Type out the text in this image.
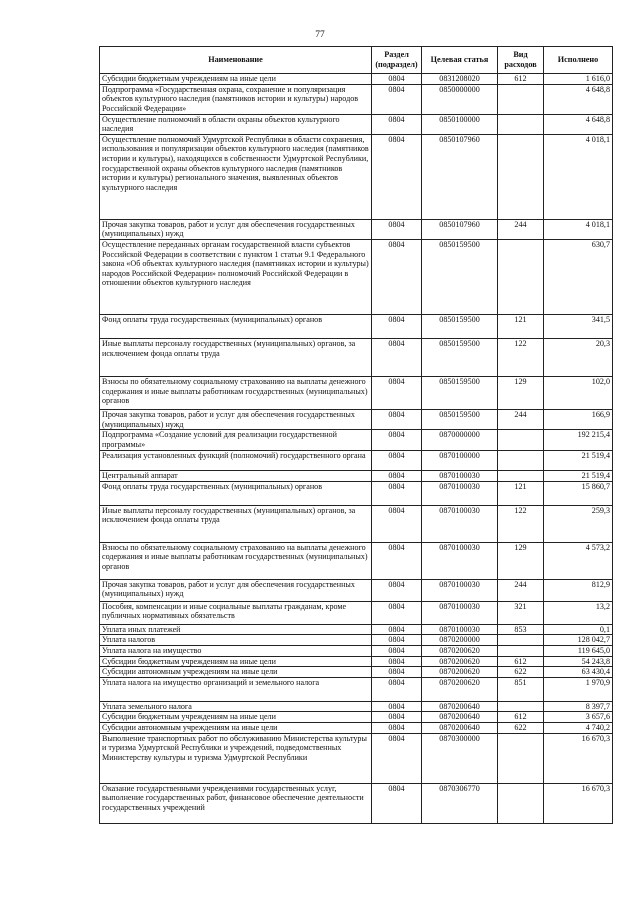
77
Наименование	Раздел (подраздел)	Целевая статья	Вид расходов	Исполнено
Субсидии бюджетным учреждениям на иные цели	0804	0831208020	612	1 616,0
Подпрограмма «Государственная охрана, сохранение и популяризация объектов культурного наследия (памятников истории и культуры) народов Российской Федерации»	0804	0850000000		4 648,8
Осуществление полномочий в области охраны объектов культурного наследия	0804	0850100000		4 648,8
Осуществление полномочий Удмуртской Республики в области сохранения, использования и популяризации объектов культурного наследия (памятников истории и культуры), находящихся в собственности Удмуртской Республики, государственной охраны объектов культурного наследия (памятников истории и культуры) регионального значения, выявленных объектов культурного наследия	0804	0850107960		4 018,1
Прочая закупка товаров, работ и услуг для обеспечения государственных (муниципальных) нужд	0804	0850107960	244	4 018,1
Осуществление переданных органам государственной власти субъектов Российской Федерации в соответствии с пунктом 1 статьи 9.1 Федерального закона «Об объектах культурного наследия (памятниках истории и культуры) народов Российской Федерации» полномочий Российской Федерации в отношении объектов культурного наследия	0804	0850159500		630,7
Фонд оплаты труда государственных (муниципальных) органов	0804	0850159500	121	341,5
Иные выплаты персоналу государственных (муниципальных) органов, за исключением фонда оплаты труда	0804	0850159500	122	20,3
Взносы по обязательному социальному страхованию на выплаты денежного содержания и иные выплаты работникам государственных (муниципальных) органов	0804	0850159500	129	102,0
Прочая закупка товаров, работ и услуг для обеспечения государственных (муниципальных) нужд	0804	0850159500	244	166,9
Подпрограмма «Создание условий для реализации государственной программы»	0804	0870000000		192 215,4
Реализация установленных функций (полномочий) государственного органа	0804	0870100000		21 519,4
Центральный аппарат	0804	0870100030		21 519,4
Фонд оплаты труда государственных (муниципальных) органов	0804	0870100030	121	15 860,7
Иные выплаты персоналу государственных (муниципальных) органов, за исключением фонда оплаты труда	0804	0870100030	122	259,3
Взносы по обязательному социальному страхованию на выплаты денежного содержания и иные выплаты работникам государственных (муниципальных) органов	0804	0870100030	129	4 573,2
Прочая закупка товаров, работ и услуг для обеспечения государственных (муниципальных) нужд	0804	0870100030	244	812,9
Пособия, компенсации и иные социальные выплаты гражданам, кроме публичных нормативных обязательств	0804	0870100030	321	13,2
Уплата иных платежей	0804	0870100030	853	0,1
Уплата налогов	0804	0870200000		128 042,7
Уплата налога на имущество	0804	0870200620		119 645,0
Субсидии бюджетным учреждениям на иные цели	0804	0870200620	612	54 243,8
Субсидии автономным учреждениям на иные цели	0804	0870200620	622	63 430,4
Уплата налога на имущество организаций и земельного налога	0804	0870200620	851	1 970,9
Уплата земельного налога	0804	0870200640		8 397,7
Субсидии бюджетным учреждениям на иные цели	0804	0870200640	612	3 657,6
Субсидии автономным учреждениям на иные цели	0804	0870200640	622	4 740,2
Выполнение транспортных работ по обслуживанию Министерства культуры и туризма Удмуртской Республики и учреждений, подведомственных Министерству культуры и туризма Удмуртской Республики	0804	0870300000		16 670,3
Оказание государственными учреждениями государственных услуг, выполнение государственных работ, финансовое обеспечение деятельности государственных учреждений	0804	0870306770		16 670,3
